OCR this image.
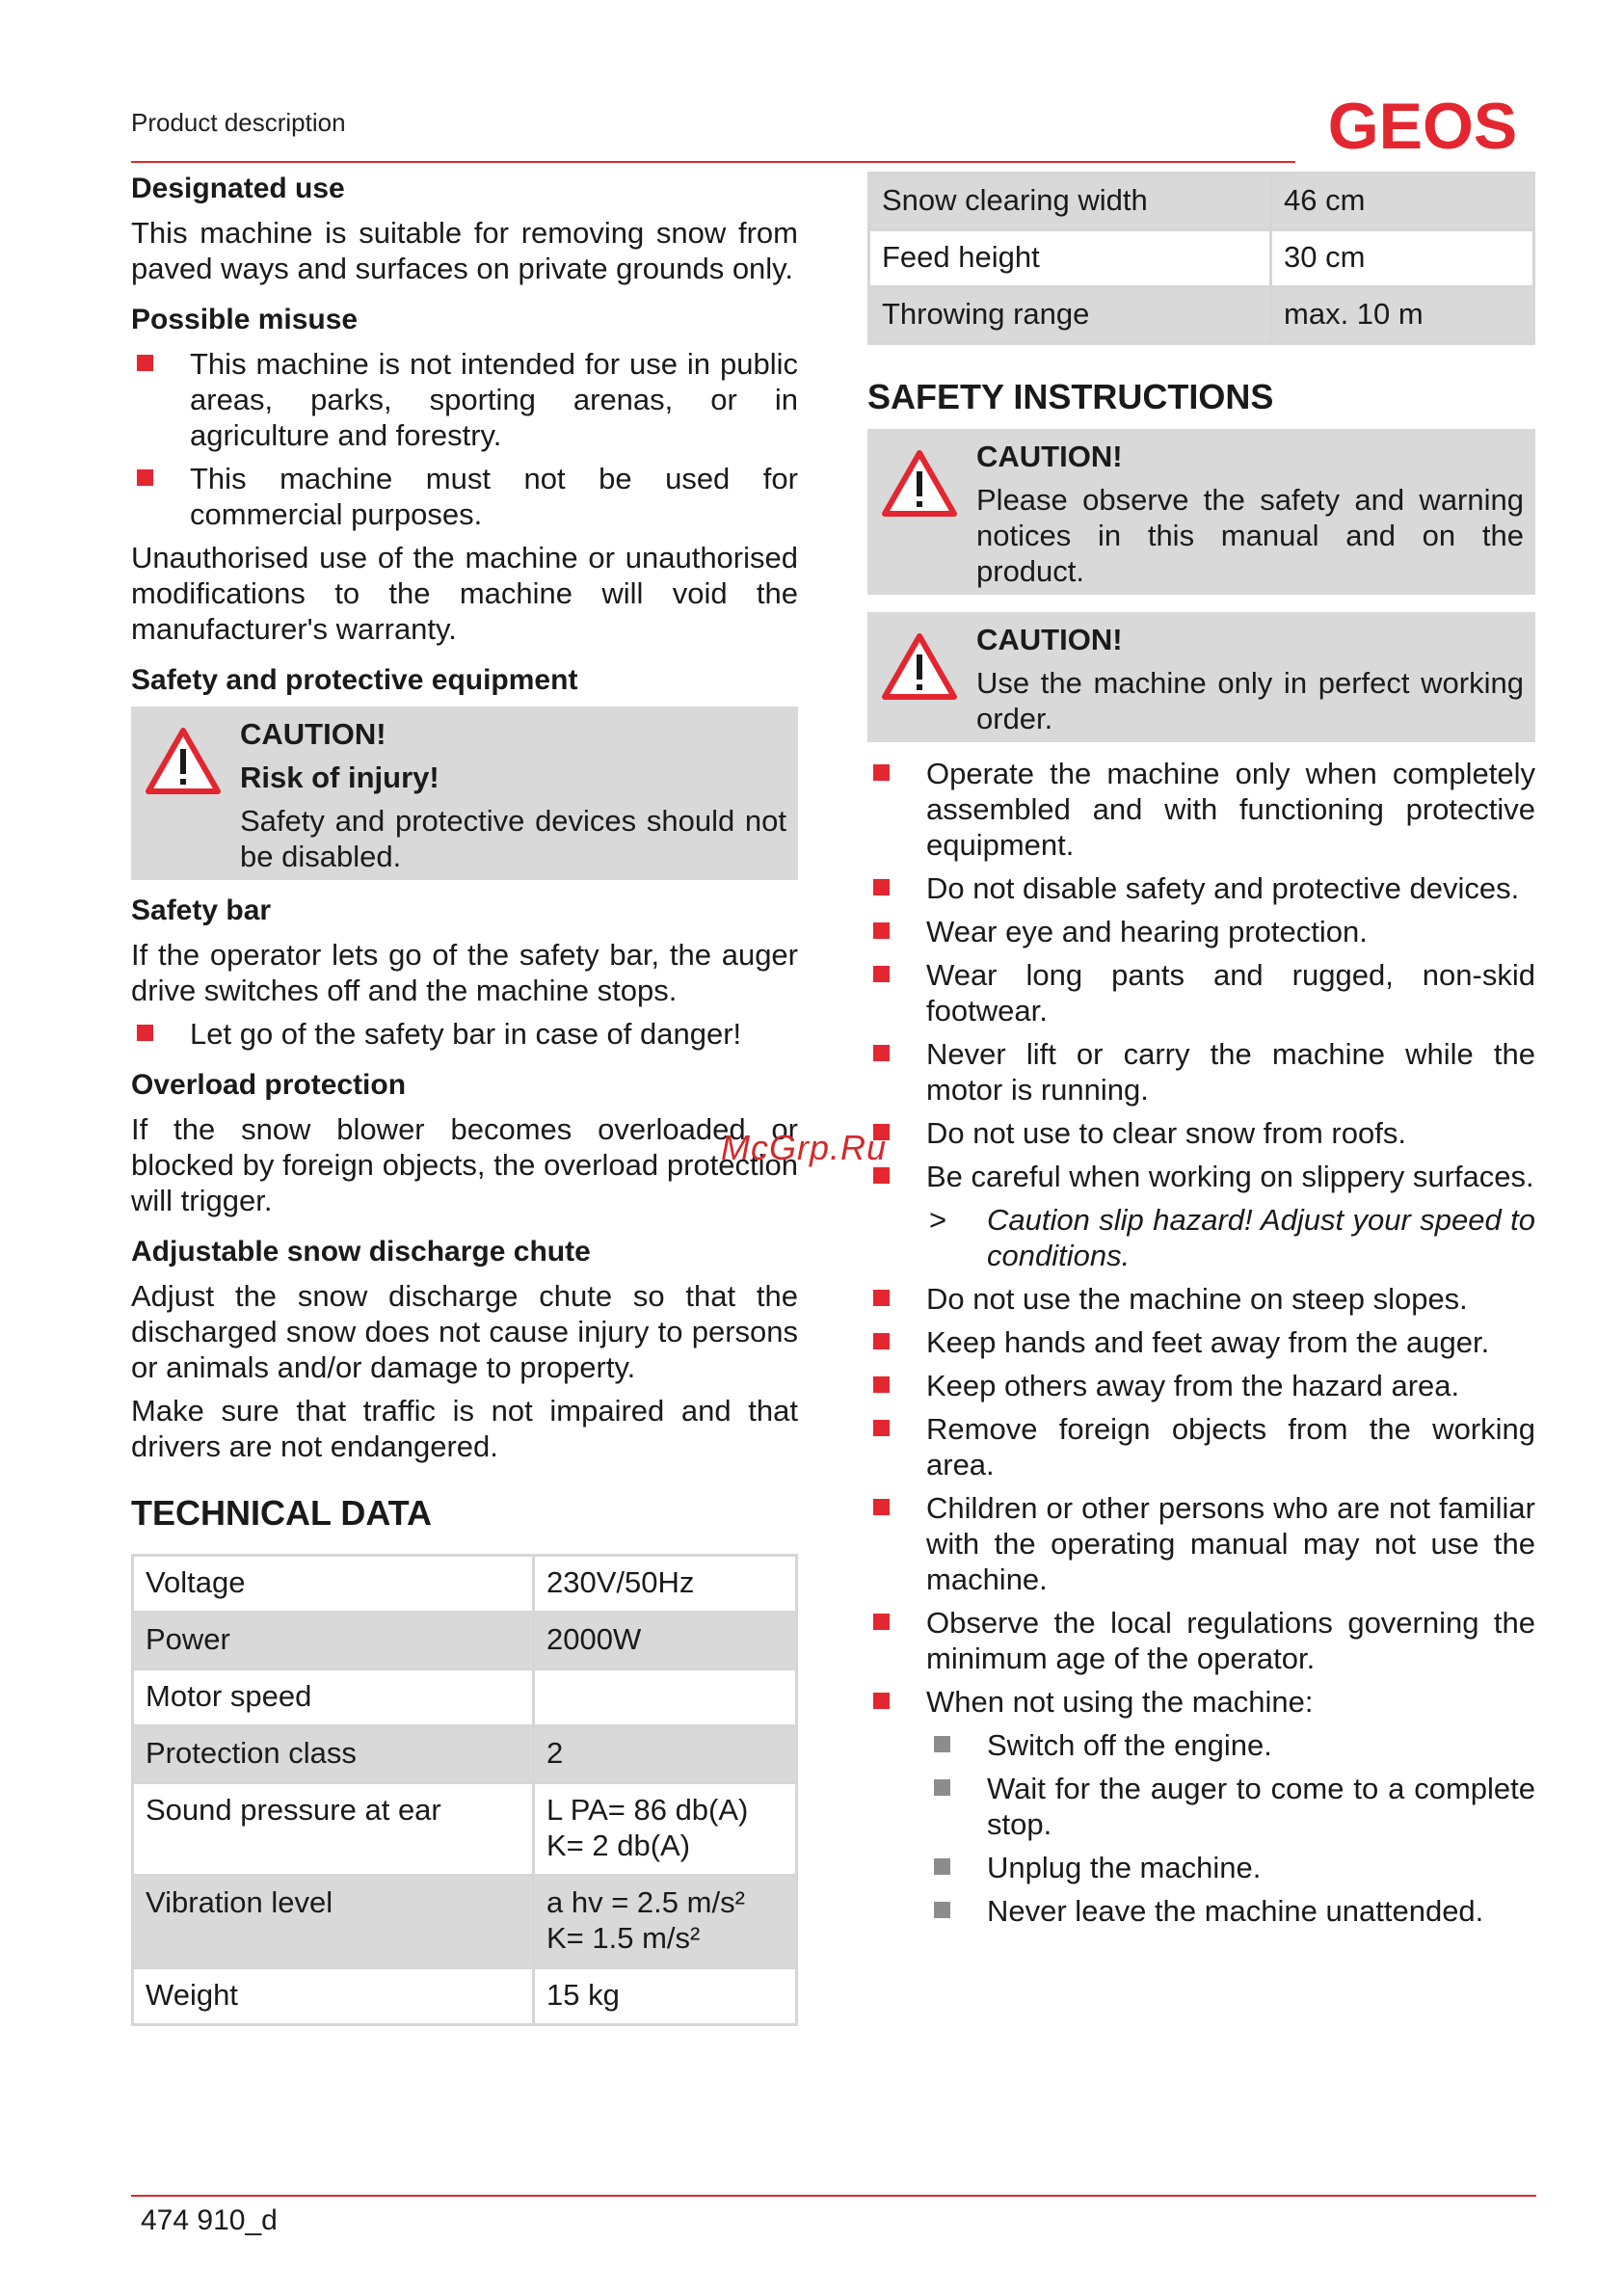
Product description	GEOS
Designated use
This machine is suitable for removing snow from paved ways and surfaces on private grounds only.
Possible misuse
This machine is not intended for use in public areas, parks, sporting arenas, or in agriculture and forestry.
This machine must not be used for commercial purposes.
Unauthorised use of the machine or unauthorised modifications to the machine will void the manufacturer's warranty.
Safety and protective equipment
CAUTION!
Risk of injury!
Safety and protective devices should not be disabled.
Safety bar
If the operator lets go of the safety bar, the auger drive switches off and the machine stops.
Let go of the safety bar in case of danger!
Overload protection
If the snow blower becomes overloaded or blocked by foreign objects, the overload protection will trigger.
Adjustable snow discharge chute
Adjust the snow discharge chute so that the discharged snow does not cause injury to persons or animals and/or damage to property.
Make sure that traffic is not impaired and that drivers are not endangered.
TECHNICAL DATA
Voltage	230V/50Hz
Power	2000W
Motor speed	
Protection class	2
Sound pressure at ear	L PA= 86 db(A)
K= 2 db(A)

Vibration level	a hv = 2.5 m/s²
K= 1.5 m/s²

Weight	15 kg
Snow clearing width	46 cm
Feed height	30 cm
Throwing range	max. 10 m
SAFETY INSTRUCTIONS
CAUTION!
Please observe the safety and warning notices in this manual and on the product.
CAUTION!
Use the machine only in perfect working order.
Operate the machine only when completely assembled and with functioning protective equipment.
Do not disable safety and protective devices.
Wear eye and hearing protection.
Wear long pants and rugged, non-skid footwear.
Never lift or carry the machine while the motor is running.
Do not use to clear snow from roofs.
Be careful when working on slippery surfaces.
> Caution slip hazard! Adjust your speed to conditions.
Do not use the machine on steep slopes.
Keep hands and feet away from the auger.
Keep others away from the hazard area.
Remove foreign objects from the working area.
Children or other persons who are not familiar with the operating manual may not use the machine.
Observe the local regulations governing the minimum age of the operator.
When not using the machine:
Switch off the engine.
Wait for the auger to come to a complete stop.
Unplug the machine.
Never leave the machine unattended.
McGrp.Ru
474 910_d
